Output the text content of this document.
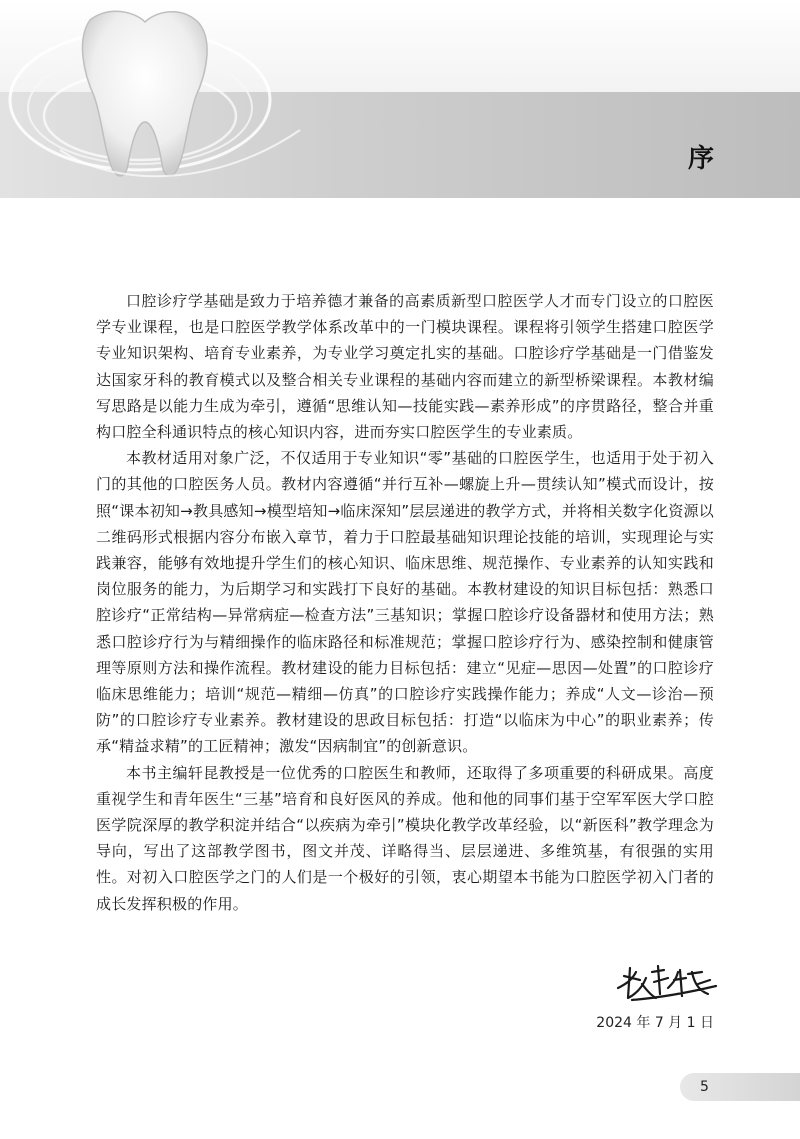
序

口腔诊疗学基础是致力于培养德才兼备的高素质新型口腔医学人才而专门设立的口腔医学专业课程，也是口腔医学教学体系改革中的一门模块课程。课程将引领学生搭建口腔医学专业知识架构、培育专业素养，为专业学习奠定扎实的基础。口腔诊疗学基础是一门借鉴发达国家牙科的教育模式以及整合相关专业课程的基础内容而建立的新型桥梁课程。本教材编写思路是以能力生成为牵引，遵循“思维认知—技能实践—素养形成”的序贯路径，整合并重构口腔全科通识特点的核心知识内容，进而夯实口腔医学生的专业素质。

本教材适用对象广泛，不仅适用于专业知识“零”基础的口腔医学生，也适用于处于初入门的其他的口腔医务人员。教材内容遵循“并行互补—螺旋上升—贯续认知”模式而设计，按照“课本初知→教具感知→模型培知→临床深知”层层递进的教学方式，并将相关数字化资源以二维码形式根据内容分布嵌入章节，着力于口腔最基础知识理论技能的培训，实现理论与实践兼容，能够有效地提升学生们的核心知识、临床思维、规范操作、专业素养的认知实践和岗位服务的能力，为后期学习和实践打下良好的基础。本教材建设的知识目标包括：熟悉口腔诊疗“正常结构—异常病症—检查方法”三基知识；掌握口腔诊疗设备器材和使用方法；熟悉口腔诊疗行为与精细操作的临床路径和标准规范；掌握口腔诊疗行为、感染控制和健康管理等原则方法和操作流程。教材建设的能力目标包括：建立“见症—思因—处置”的口腔诊疗临床思维能力；培训“规范—精细—仿真”的口腔诊疗实践操作能力；养成“人文—诊治—预防”的口腔诊疗专业素养。教材建设的思政目标包括：打造“以临床为中心”的职业素养；传承“精益求精”的工匠精神；激发“因病制宜”的创新意识。

本书主编轩昆教授是一位优秀的口腔医生和教师，还取得了多项重要的科研成果。高度重视学生和青年医生“三基”培育和良好医风的养成。他和他的同事们基于空军军医大学口腔医学院深厚的教学积淀并结合“以疾病为牵引”模块化教学改革经验，以“新医科”教学理念为导向，写出了这部教学图书，图文并茂、详略得当、层层递进、多维筑基，有很强的实用性。对初入口腔医学之门的人们是一个极好的引领，衷心期望本书能为口腔医学初入门者的成长发挥积极的作用。

2024 年 7 月 1 日
5
